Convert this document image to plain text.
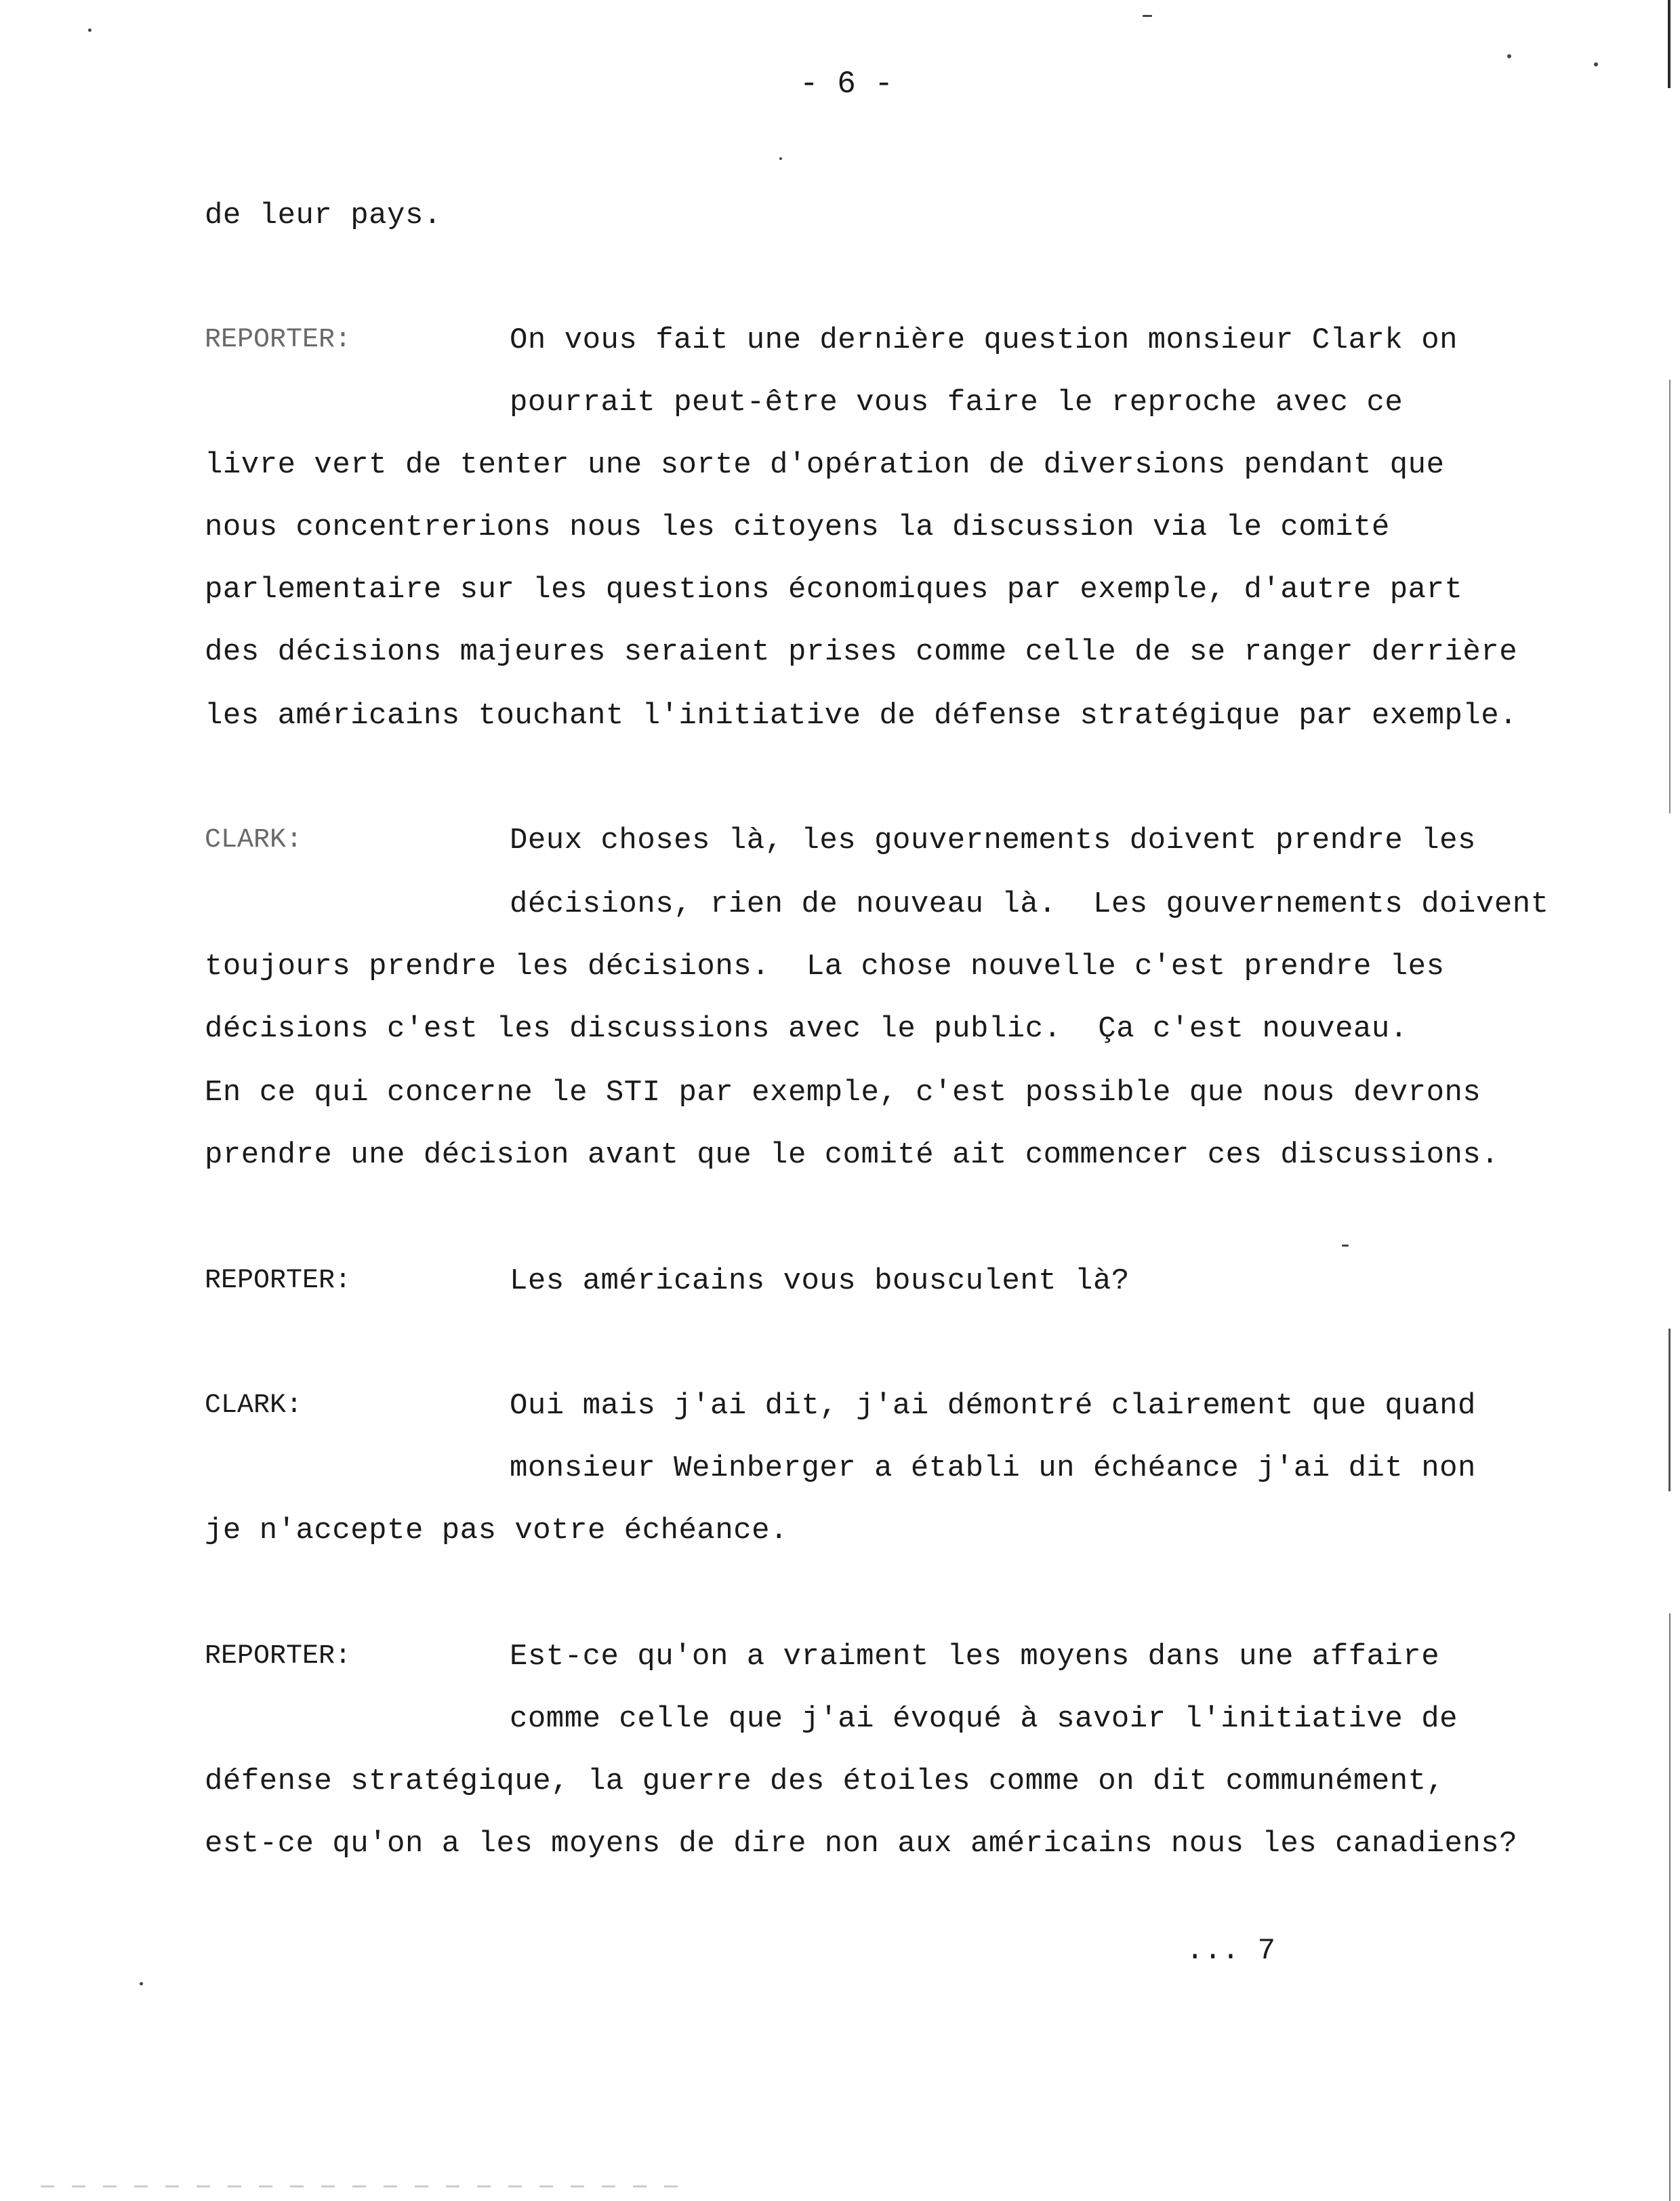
- 6 -
de leur pays.
REPORTER:	On vous fait une dernière question monsieur Clark on
pourrait peut-être vous faire le reproche avec ce
livre vert de tenter une sorte d'opération de diversions pendant que
nous concentrerions nous les citoyens la discussion via le comité
parlementaire sur les questions économiques par exemple, d'autre part
des décisions majeures seraient prises comme celle de se ranger derrière
les américains touchant l'initiative de défense stratégique par exemple.
CLARK:	Deux choses là, les gouvernements doivent prendre les
décisions, rien de nouveau là.  Les gouvernements doivent
toujours prendre les décisions.  La chose nouvelle c'est prendre les
décisions c'est les discussions avec le public.  Ça c'est nouveau.
En ce qui concerne le STI par exemple, c'est possible que nous devrons
prendre une décision avant que le comité ait commencer ces discussions.
REPORTER:	Les américains vous bousculent là?
CLARK:	Oui mais j'ai dit, j'ai démontré clairement que quand
monsieur Weinberger a établi un échéance j'ai dit non
je n'accepte pas votre échéance.
REPORTER:	Est-ce qu'on a vraiment les moyens dans une affaire
comme celle que j'ai évoqué à savoir l'initiative de
défense stratégique, la guerre des étoiles comme on dit communément,
est-ce qu'on a les moyens de dire non aux américains nous les canadiens?
... 7
